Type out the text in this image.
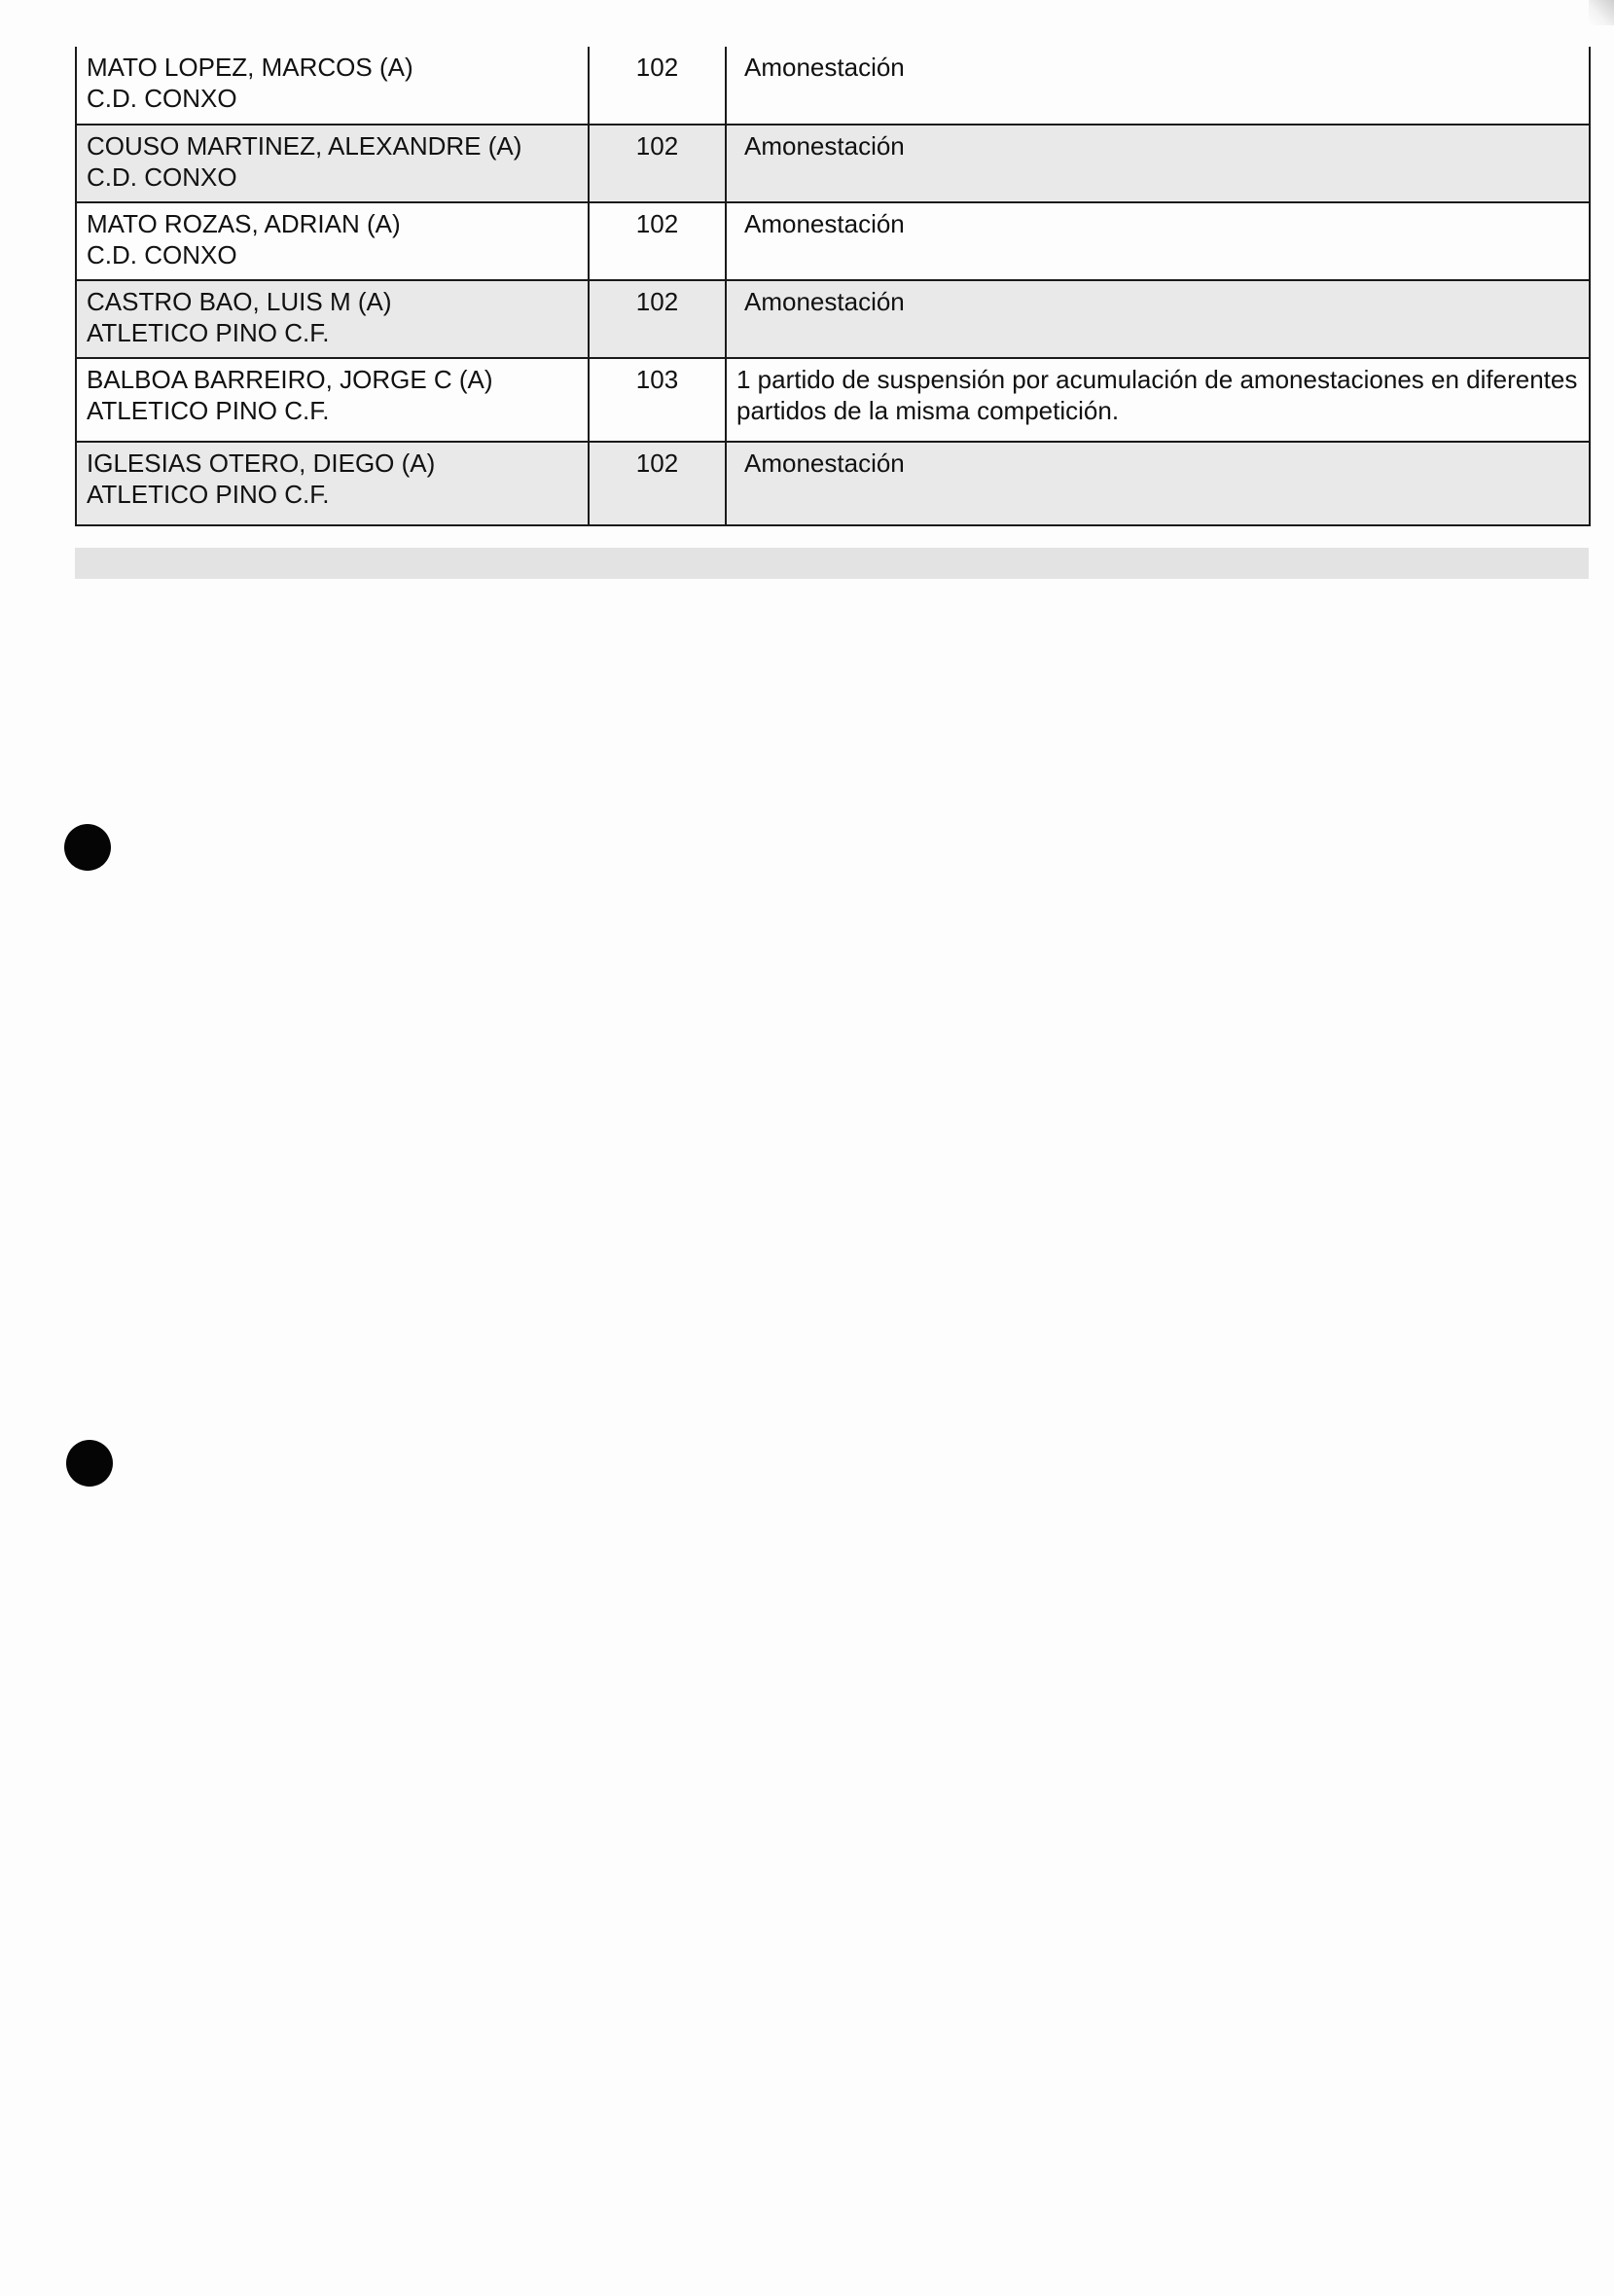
MATO LOPEZ, MARCOS (A)
C.D. CONXO	102	Amonestación

COUSO MARTINEZ, ALEXANDRE (A)
C.D. CONXO	102	Amonestación

MATO ROZAS, ADRIAN (A)
C.D. CONXO	102	Amonestación

CASTRO BAO, LUIS M (A)
ATLETICO PINO C.F.	102	Amonestación

BALBOA BARREIRO, JORGE C (A)
ATLETICO PINO C.F.	103	1 partido de suspensión por acumulación de amonestaciones en diferentes partidos de la misma competición.

IGLESIAS OTERO, DIEGO (A)
ATLETICO PINO C.F.	102	Amonestación
